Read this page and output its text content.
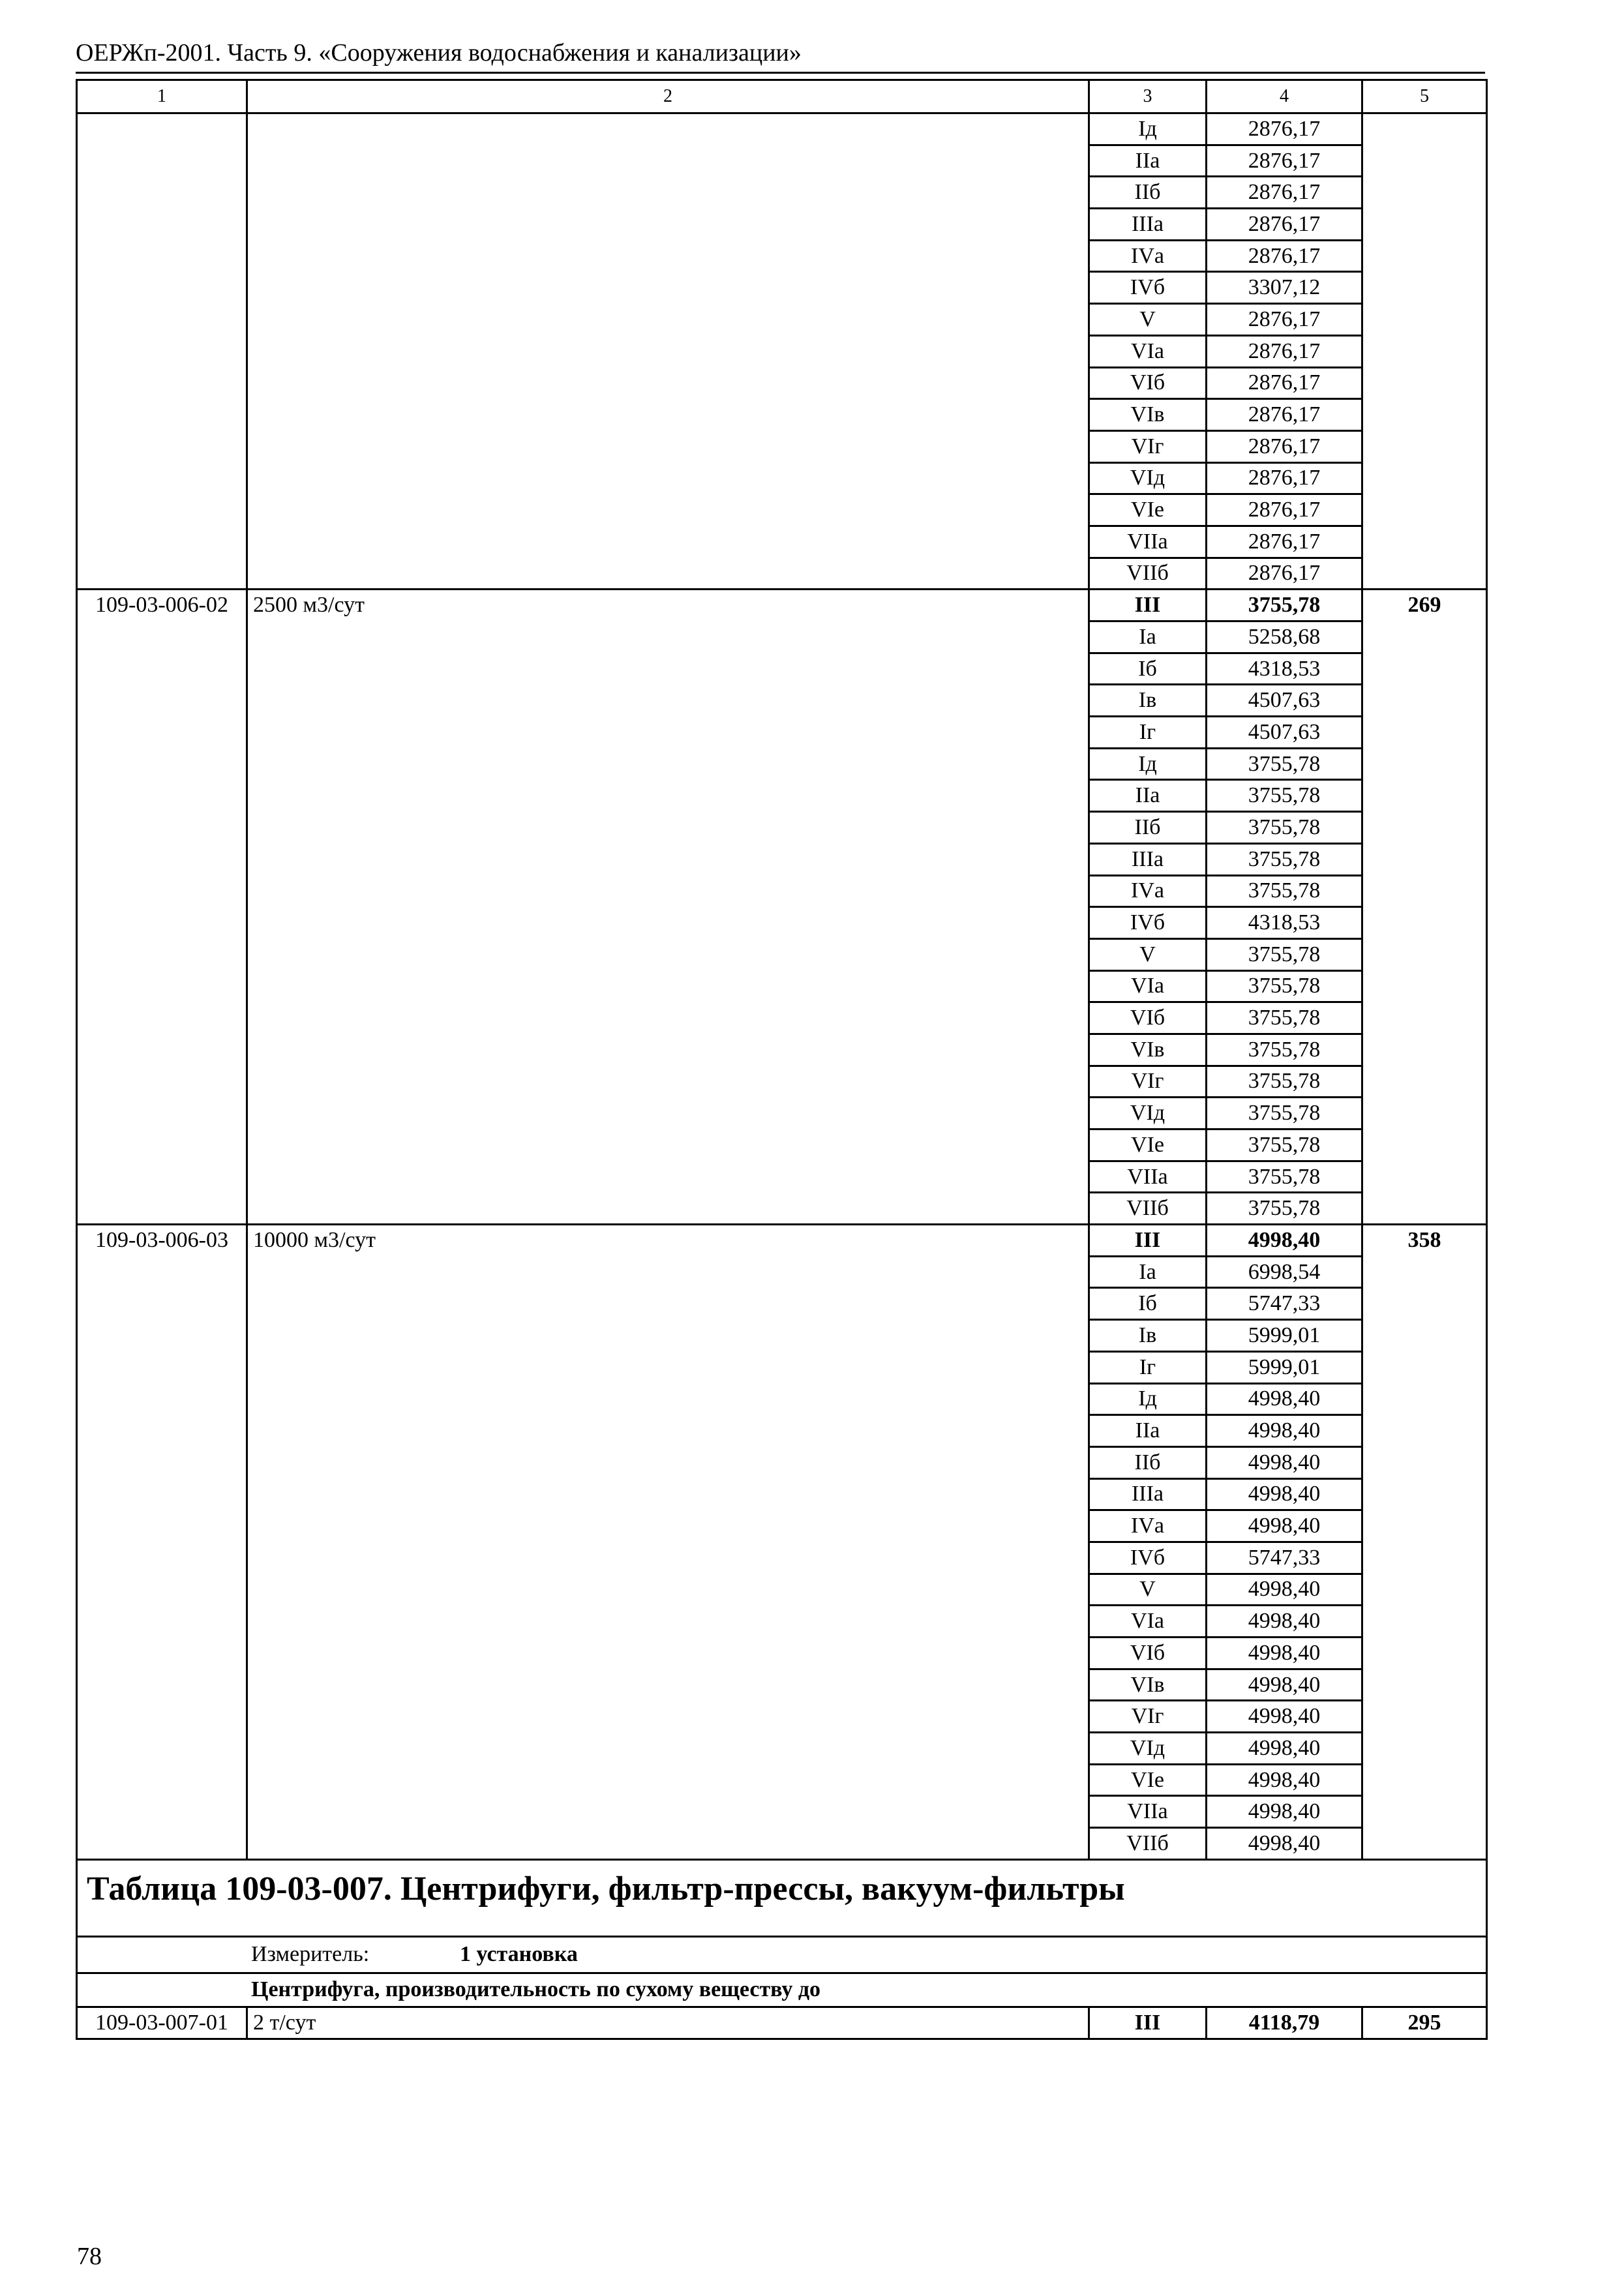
ОЕРЖп-2001. Часть 9. «Сооружения водоснабжения и канализации»
1	2	3	4	5
		Iд	2876,17	
		IIа	2876,17	
		IIб	2876,17	
		IIIа	2876,17	
		IVа	2876,17	
		IVб	3307,12	
		V	2876,17	
		VIа	2876,17	
		VIб	2876,17	
		VIв	2876,17	
		VIг	2876,17	
		VIд	2876,17	
		VIе	2876,17	
		VIIа	2876,17	
		VIIб	2876,17	
109-03-006-02	2500 м3/сут	III	3755,78	269
		Iа	5258,68	
		Iб	4318,53	
		Iв	4507,63	
		Iг	4507,63	
		Iд	3755,78	
		IIа	3755,78	
		IIб	3755,78	
		IIIа	3755,78	
		IVа	3755,78	
		IVб	4318,53	
		V	3755,78	
		VIа	3755,78	
		VIб	3755,78	
		VIв	3755,78	
		VIг	3755,78	
		VIд	3755,78	
		VIе	3755,78	
		VIIа	3755,78	
		VIIб	3755,78	
109-03-006-03	10000 м3/сут	III	4998,40	358
		Iа	6998,54	
		Iб	5747,33	
		Iв	5999,01	
		Iг	5999,01	
		Iд	4998,40	
		IIа	4998,40	
		IIб	4998,40	
		IIIа	4998,40	
		IVа	4998,40	
		IVб	5747,33	
		V	4998,40	
		VIа	4998,40	
		VIб	4998,40	
		VIв	4998,40	
		VIг	4998,40	
		VIд	4998,40	
		VIе	4998,40	
		VIIа	4998,40	
		VIIб	4998,40	

Таблица 109-03-007. Центрифуги, фильтр-прессы, вакуум-фильтры				

Измеритель: 1 установка				
Центрифуга, производительность по сухому веществу до				
109-03-007-01	2 т/сут	III	4118,79	295
78
